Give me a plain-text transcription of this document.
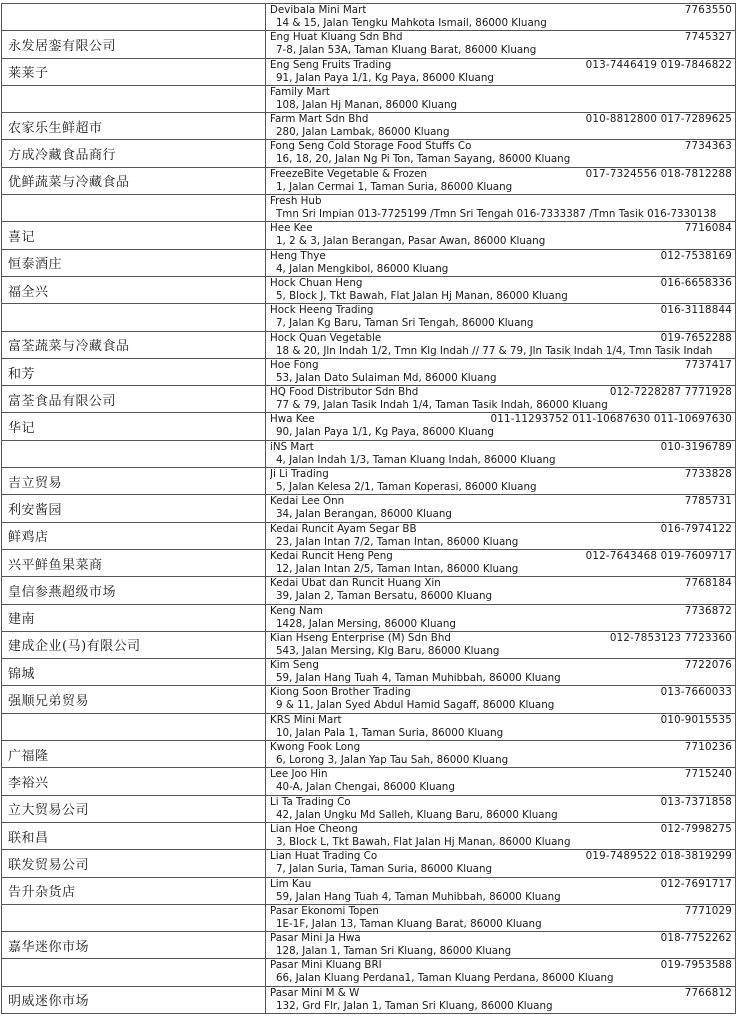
	Devibala Mini Mart 7763550
14 & 15, Jalan Tengku Mahkota Ismail, 86000 Kluang

永发居銮有限公司	Eng Huat Kluang Sdn Bhd 7745327
7-8, Jalan 53A, Taman Kluang Barat, 86000 Kluang

莱莱子	Eng Seng Fruits Trading 013-7446419 019-7846822
91, Jalan Paya 1/1, Kg Paya, 86000 Kluang

	Family Mart
108, Jalan Hj Manan, 86000 Kluang

农家乐生鲜超市	Farm Mart Sdn Bhd 010-8812800 017-7289625
280, Jalan Lambak, 86000 Kluang

方成冷藏食品商行	Fong Seng Cold Storage Food Stuffs Co 7734363
16, 18, 20, Jalan Ng Pi Ton, Taman Sayang, 86000 Kluang

优鲜蔬菜与冷藏食品	FreezeBite Vegetable & Frozen 017-7324556 018-7812288
1, Jalan Cermai 1, Taman Suria, 86000 Kluang

	Fresh Hub
Tmn Sri Impian 013-7725199 /Tmn Sri Tengah 016-7333387 /Tmn Tasik 016-7330138

喜记	Hee Kee 7716084
1, 2 & 3, Jalan Berangan, Pasar Awan, 86000 Kluang

恒泰酒庄	Heng Thye 012-7538169
4, Jalan Mengkibol, 86000 Kluang

福全兴	Hock Chuan Heng 016-6658336
5, Block J, Tkt Bawah, Flat Jalan Hj Manan, 86000 Kluang

	Hock Heeng Trading 016-3118844
7, Jalan Kg Baru, Taman Sri Tengah, 86000 Kluang

富荃蔬菜与冷藏食品	Hock Quan Vegetable 019-7652288
18 & 20, Jln Indah 1/2, Tmn Klg Indah // 77 & 79, Jln Tasik Indah 1/4, Tmn Tasik Indah

和芳	Hoe Fong 7737417
53, Jalan Dato Sulaiman Md, 86000 Kluang

富荃食品有限公司	HQ Food Distributor Sdn Bhd 012-7228287 7771928
77 & 79, Jalan Tasik Indah 1/4, Taman Tasik Indah, 86000 Kluang

华记	Hwa Kee 011-11293752 011-10687630 011-10697630
90, Jalan Paya 1/1, Kg Paya, 86000 Kluang

	iNS Mart 010-3196789
4, Jalan Indah 1/3, Taman Kluang Indah, 86000 Kluang

吉立贸易	Ji Li Trading 7733828
5, Jalan Kelesa 2/1, Taman Koperasi, 86000 Kluang

利安酱园	Kedai Lee Onn 7785731
34, Jalan Berangan, 86000 Kluang

鲜鸡店	Kedai Runcit Ayam Segar BB 016-7974122
23, Jalan Intan 7/2, Taman Intan, 86000 Kluang

兴平鲜鱼果菜商	Kedai Runcit Heng Peng 012-7643468 019-7609717
12, Jalan Intan 2/5, Taman Intan, 86000 Kluang

皇信参燕超级市场	Kedai Ubat dan Runcit Huang Xin 7768184
39, Jalan 2, Taman Bersatu, 86000 Kluang

建南	Keng Nam 7736872
1428, Jalan Mersing, 86000 Kluang

建成企业(马)有限公司	Kian Hseng Enterprise (M) Sdn Bhd 012-7853123 7723360
543, Jalan Mersing, Klg Baru, 86000 Kluang

锦城	Kim Seng 7722076
59, Jalan Hang Tuah 4, Taman Muhibbah, 86000 Kluang

强顺兄弟贸易	Kiong Soon Brother Trading 013-7660033
9 & 11, Jalan Syed Abdul Hamid Sagaff, 86000 Kluang

	KRS Mini Mart 010-9015535
10, Jalan Pala 1, Taman Suria, 86000 Kluang

广福隆	Kwong Fook Long 7710236
6, Lorong 3, Jalan Yap Tau Sah, 86000 Kluang

李裕兴	Lee Joo Hin 7715240
40-A, Jalan Chengai, 86000 Kluang

立大贸易公司	Li Ta Trading Co 013-7371858
42, Jalan Ungku Md Salleh, Kluang Baru, 86000 Kluang

联和昌	Lian Hoe Cheong 012-7998275
3, Block L, Tkt Bawah, Flat Jalan Hj Manan, 86000 Kluang

联发贸易公司	Lian Huat Trading Co 019-7489522 018-3819299
7, Jalan Suria, Taman Suria, 86000 Kluang

告升杂货店	Lim Kau 012-7691717
59, Jalan Hang Tuah 4, Taman Muhibbah, 86000 Kluang

	Pasar Ekonomi Topen 7771029
1E-1F, Jalan 13, Taman Kluang Barat, 86000 Kluang

嘉华迷你市场	Pasar Mini Ja Hwa 018-7752262
128, Jalan 1, Taman Sri Kluang, 86000 Kluang

	Pasar Mini Kluang BRI 019-7953588
66, Jalan Kluang Perdana1, Taman Kluang Perdana, 86000 Kluang

明威迷你市场	Pasar Mini M & W 7766812
132, Grd Flr, Jalan 1, Taman Sri Kluang, 86000 Kluang
